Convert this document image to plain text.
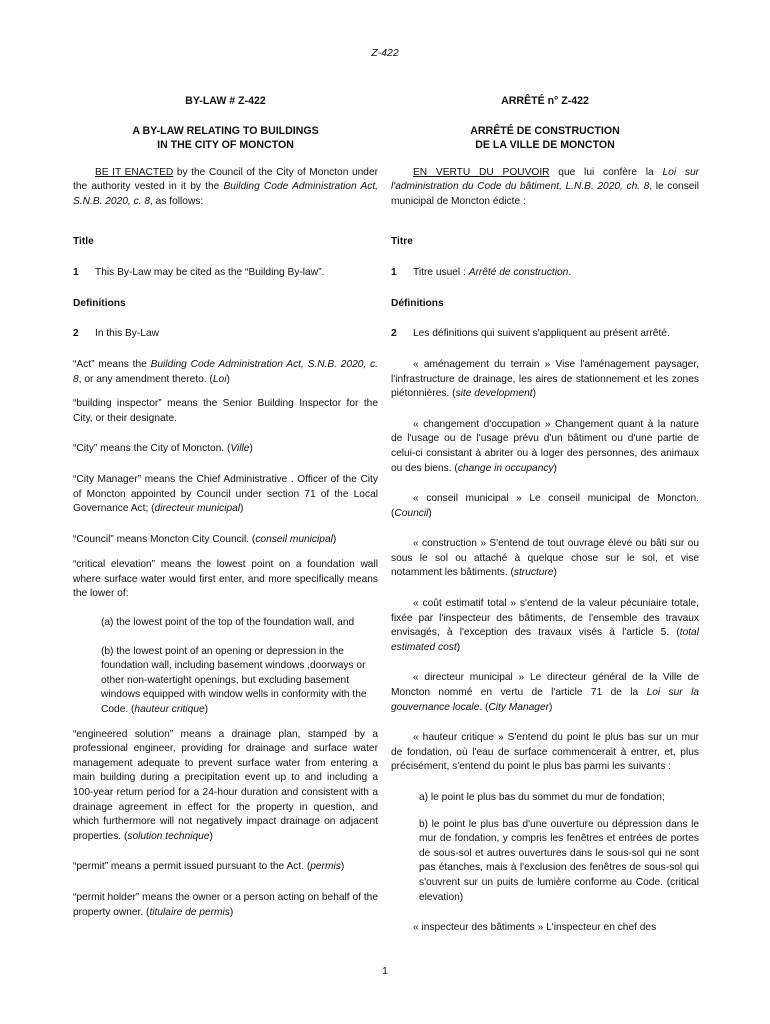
Z-422

BY-LAW # Z-422

A BY-LAW RELATING TO BUILDINGS
IN THE CITY OF MONCTON

BE IT ENACTED by the Council of the City of Moncton under the authority vested in it by the Building Code Administration Act, S.N.B. 2020, c. 8, as follows:

Title

1 This By-Law may be cited as the “Building By-law”.

Definitions

2 In this By-Law

“Act” means the Building Code Administration Act, S.N.B. 2020, c. 8, or any amendment thereto. (Loi)

“building inspector” means the Senior Building Inspector for the City, or their designate.

“City” means the City of Moncton. (Ville)

“City Manager” means the Chief Administrative . Officer of the City of Moncton appointed by Council under section 71 of the Local Governance Act; (directeur municipal)

“Council” means Moncton City Council. (conseil municipal)

“critical elevation” means the lowest point on a foundation wall where surface water would first enter, and more specifically means the lower of:

(a) the lowest point of the top of the foundation wall, and

(b) the lowest point of an opening or depression in the foundation wall, including basement windows ,doorways or other non-watertight openings, but excluding basement windows equipped with window wells in conformity with the Code. (hauteur critique)

“engineered solution” means a drainage plan, stamped by a professional engineer, providing for drainage and surface water management adequate to prevent surface water from entering a main building during a precipitation event up to and including a 100-year return period for a 24-hour duration and consistent with a drainage agreement in effect for the property in question, and which furthermore will not negatively impact drainage on adjacent properties. (solution technique)

“permit” means a permit issued pursuant to the Act. (permis)

“permit holder” means the owner or a person acting on behalf of the property owner. (titulaire de permis)

ARRÊTÉ n° Z-422

ARRÊTÉ DE CONSTRUCTION
DE LA VILLE DE MONCTON

EN VERTU DU POUVOIR que lui confère la Loi sur l'administration du Code du bâtiment, L.N.B. 2020, ch. 8, le conseil municipal de Moncton édicte :

Titre

1 Titre usuel : Arrêté de construction.

Définitions

2 Les définitions qui suivent s'appliquent au présent arrêté.

« aménagement du terrain » Vise l'aménagement paysager, l'infrastructure de drainage, les aires de stationnement et les zones piétonnières. (site development)

« changement d'occupation » Changement quant à la nature de l'usage ou de l'usage prévu d'un bâtiment ou d'une partie de celui-ci consistant à abriter ou à loger des personnes, des animaux ou des biens. (change in occupancy)

« conseil municipal » Le conseil municipal de Moncton. (Council)

« construction » S'entend de tout ouvrage élevé ou bâti sur ou sous le sol ou attaché à quelque chose sur le sol, et vise notamment les bâtiments. (structure)

« coût estimatif total » s'entend de la valeur pécuniaire totale, fixée par l'inspecteur des bâtiments, de l'ensemble des travaux envisagés, à l'exception des travaux visés à l'article 5. (total estimated cost)

« directeur municipal » Le directeur général de la Ville de Moncton nommé en vertu de l'article 71 de la Loi sur la gouvernance locale. (City Manager)

« hauteur critique » S'entend du point le plus bas sur un mur de fondation, où l'eau de surface commencerait à entrer, et, plus précisément, s'entend du point le plus bas parmi les suivants :

a) le point le plus bas du sommet du mur de fondation;

b) le point le plus bas d'une ouverture ou dépression dans le mur de fondation, y compris les fenêtres et entrées de portes de sous-sol et autres ouvertures dans le sous-sol qui ne sont pas étanches, mais à l'exclusion des fenêtres de sous-sol qui s'ouvrent sur un puits de lumière conforme au Code. (critical elevation)

« inspecteur des bâtiments » L'inspecteur en chef des

1
